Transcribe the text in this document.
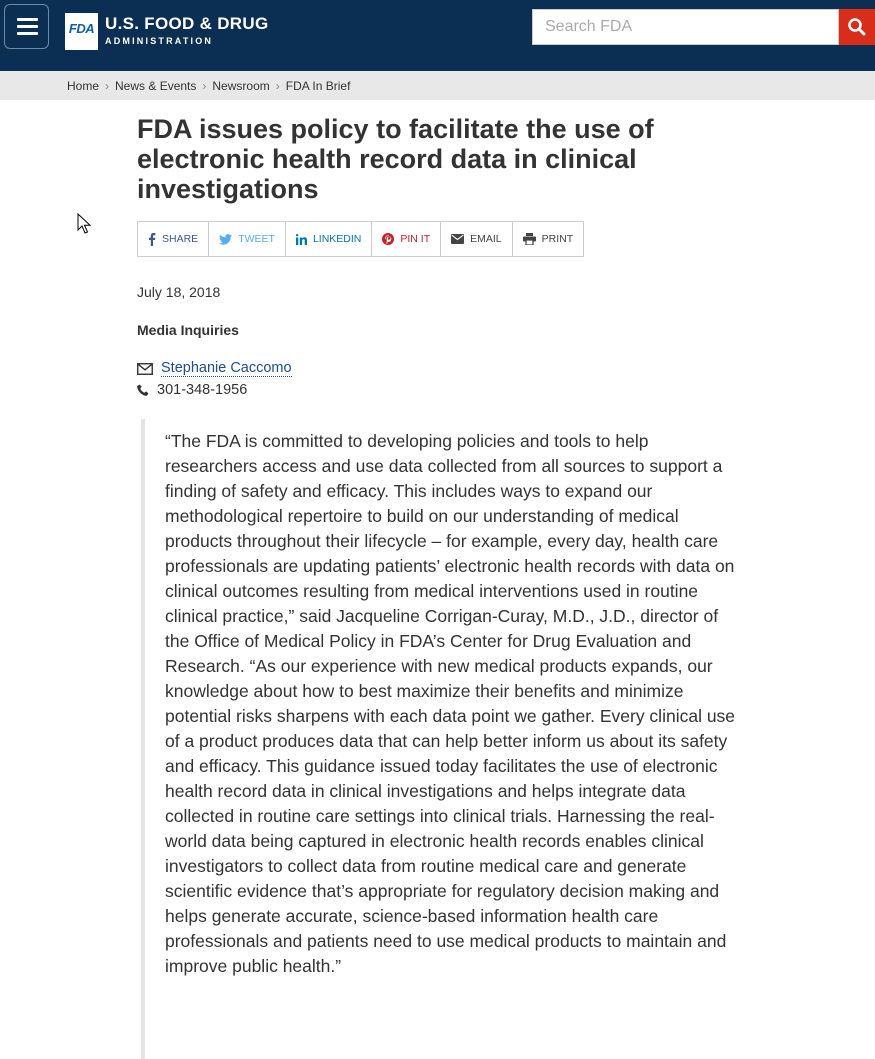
FDA U.S. FOOD & DRUG
ADMINISTRATION
Search FDA
Home › News & Events › Newsroom › FDA In Brief
FDA issues policy to facilitate the use of electronic health record data in clinical investigations
SHARE	TWEET	LINKEDIN	PIN IT	EMAIL	PRINT
July 18, 2018
Media Inquiries
Stephanie Caccomo
301-348-1956

“The FDA is committed to developing policies and tools to help researchers access and use data collected from all sources to support a finding of safety and efficacy. This includes ways to expand our methodological repertoire to build on our understanding of medical products throughout their lifecycle – for example, every day, health care professionals are updating patients’ electronic health records with data on clinical outcomes resulting from medical interventions used in routine clinical practice,” said Jacqueline Corrigan-Curay, M.D., J.D., director of the Office of Medical Policy in FDA’s Center for Drug Evaluation and Research. “As our experience with new medical products expands, our knowledge about how to best maximize their benefits and minimize potential risks sharpens with each data point we gather. Every clinical use of a product produces data that can help better inform us about its safety and efficacy. This guidance issued today facilitates the use of electronic health record data in clinical investigations and helps integrate data collected in routine care settings into clinical trials. Harnessing the real-world data being captured in electronic health records enables clinical investigators to collect data from routine medical care and generate scientific evidence that’s appropriate for regulatory decision making and helps generate accurate, science-based information health care professionals and patients need to use medical products to maintain and improve public health.”
